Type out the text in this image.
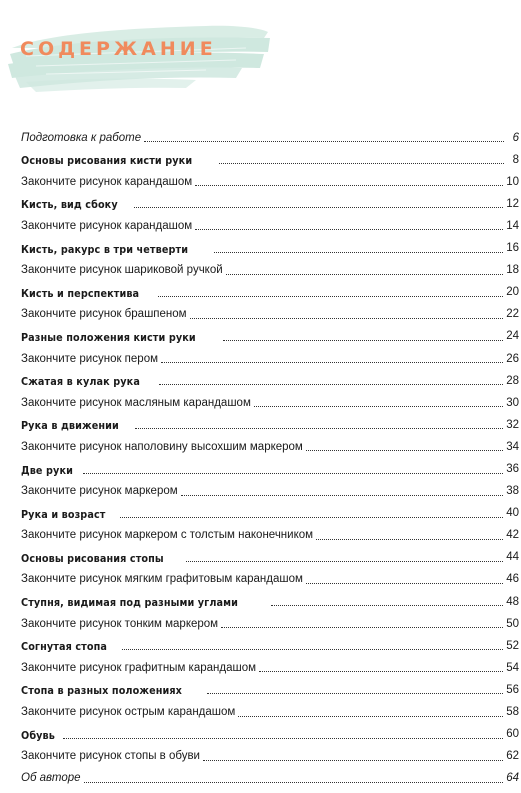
СОДЕРЖАНИЕ
Подготовка к работе	6
Основы рисования кисти руки	8
Закончите рисунок карандашом	10
Кисть, вид сбоку	12
Закончите рисунок карандашом	14
Кисть, ракурс в три четверти	16
Закончите рисунок шариковой ручкой	18
Кисть и перспектива	20
Закончите рисунок брашпеном	22
Разные положения кисти руки	24
Закончите рисунок пером	26
Сжатая в кулак рука	28
Закончите рисунок масляным карандашом	30
Рука в движении	32
Закончите рисунок наполовину высохшим маркером	34
Две руки	36
Закончите рисунок маркером	38
Рука и возраст	40
Закончите рисунок маркером с толстым наконечником	42
Основы рисования стопы	44
Закончите рисунок мягким графитовым карандашом	46
Ступня, видимая под разными углами	48
Закончите рисунок тонким маркером	50
Согнутая стопа	52
Закончите рисунок графитным карандашом	54
Стопа в разных положениях	56
Закончите рисунок острым карандашом	58
Обувь	60
Закончите рисунок стопы в обуви	62
Об авторе	64
